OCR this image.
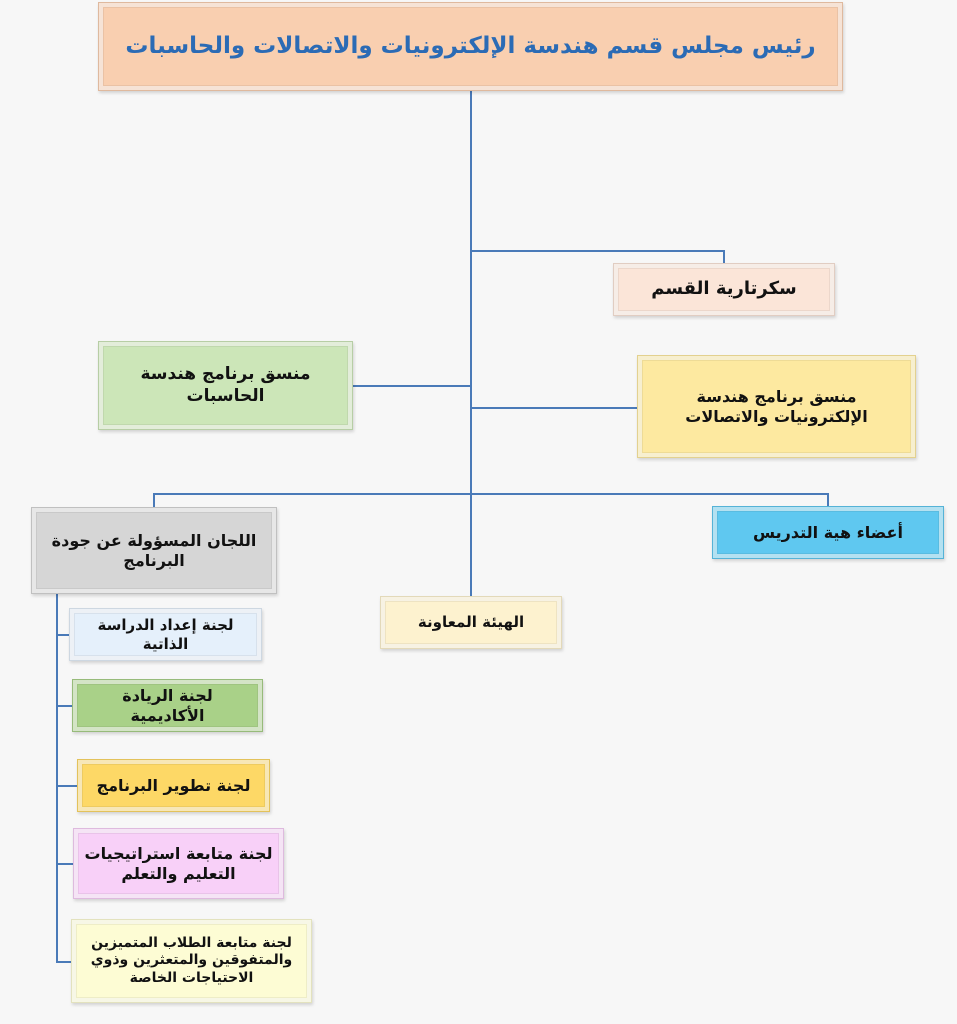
رئيس مجلس قسم هندسة الإلكترونيات والاتصالات والحاسبات
سكرتارية القسم
منسق برنامج هندسة الحاسبات	منسق برنامج هندسة الإلكترونيات والاتصالات
اللجان المسؤولة عن جودة البرنامج
أعضاء هية التدريس
الهيئة المعاونة
لجنة إعداد الدراسة الذاتية
لجنة الريادة الأكاديمية
لجنة تطوير البرنامج
لجنة متابعة استراتيجيات التعليم والتعلم
لجنة متابعة الطلاب المتميزين والمتفوقين والمتعثرين وذوي الاحتياجات الخاصة
